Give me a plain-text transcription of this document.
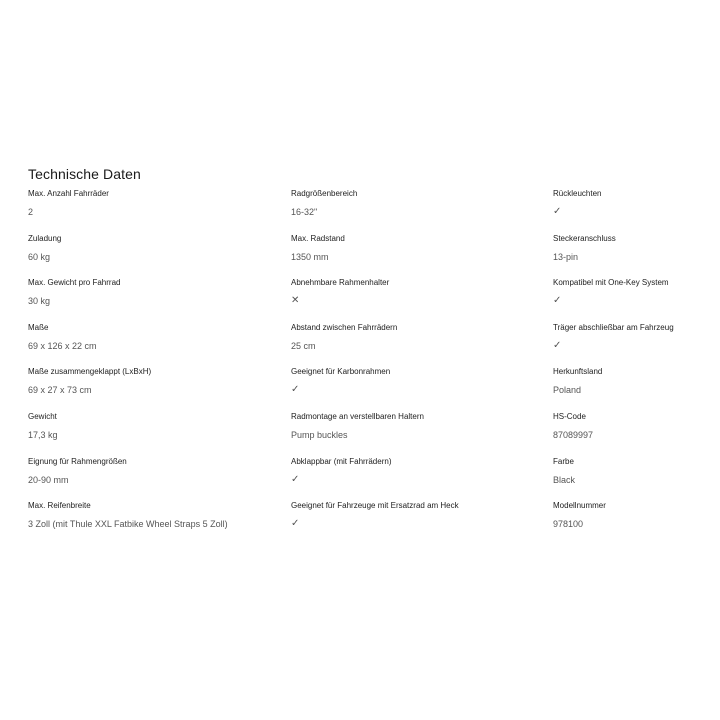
Technische Daten
Max. Anzahl Fahrräder
2
Zuladung
60 kg
Max. Gewicht pro Fahrrad
30 kg
Maße
69 x 126 x 22 cm
Maße zusammengeklappt (LxBxH)
69 x 27 x 73 cm
Gewicht
17,3 kg
Eignung für Rahmengrößen
20-90 mm
Max. Reifenbreite
3 Zoll (mit Thule XXL Fatbike Wheel Straps 5 Zoll)
Radgrößenbereich
16-32"
Max. Radstand
1350 mm
Abnehmbare Rahmenhalter
✕
Abstand zwischen Fahrrädern
25 cm
Geeignet für Karbonrahmen
✓
Radmontage an verstellbaren Haltern
Pump buckles
Abklappbar (mit Fahrrädern)
✓
Geeignet für Fahrzeuge mit Ersatzrad am Heck
✓
Rückleuchten
✓
Steckeranschluss
13-pin
Kompatibel mit One-Key System
✓
Träger abschließbar am Fahrzeug
✓
Herkunftsland
Poland
HS-Code
87089997
Farbe
Black
Modellnummer
978100
